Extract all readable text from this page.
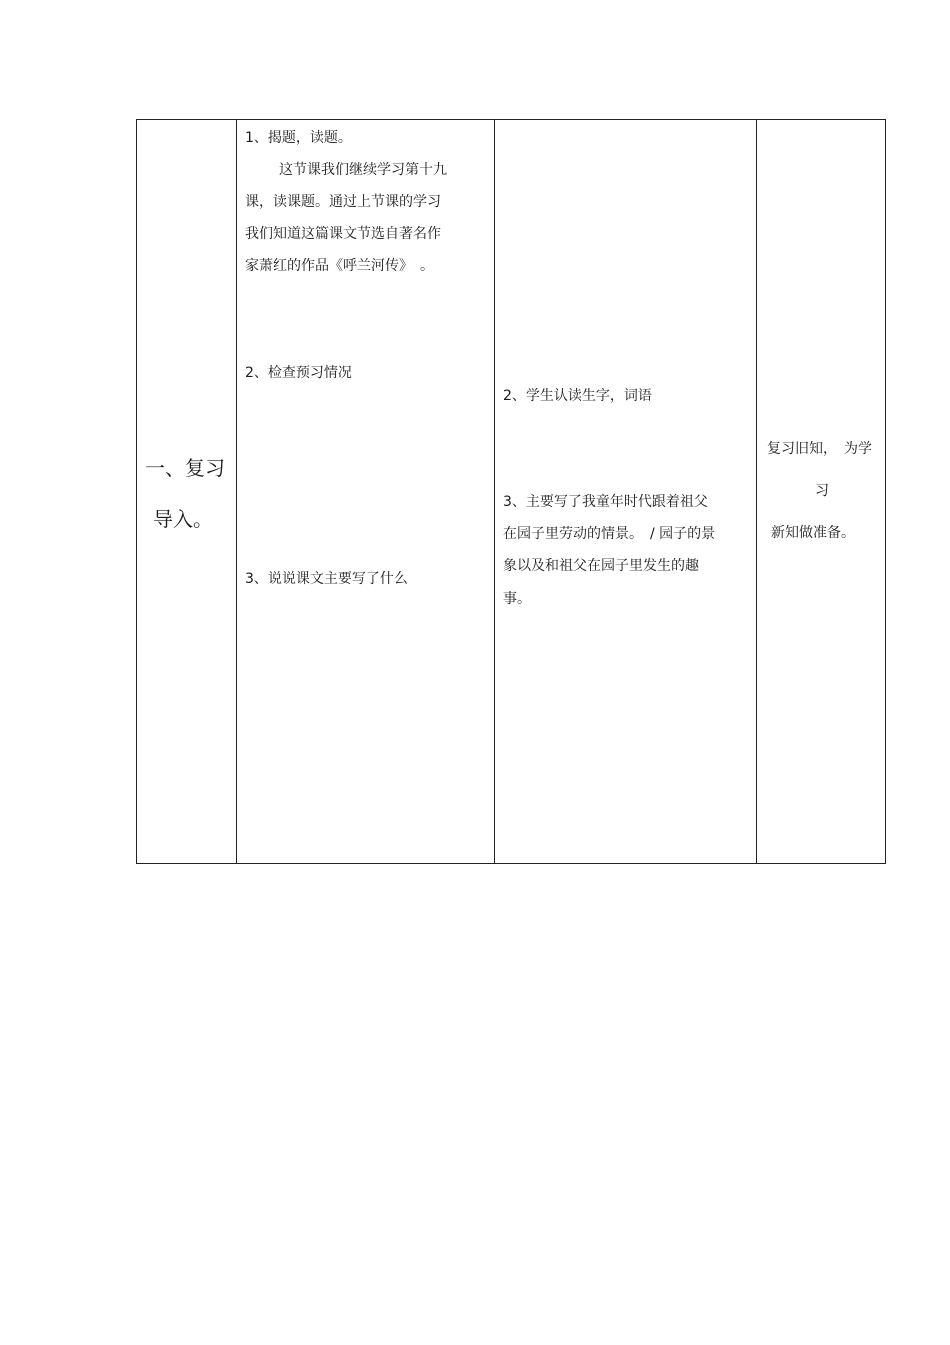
一、复习
导入。
1、揭题，读题。
这节课我们继续学习第十九
课，读课题。通过上节课的学习
我们知道这篇课文节选自著名作
家萧红的作品《呼兰河传》　。
2、检查预习情况
3、说说课文主要写了什么
2、学生认读生字，词语
3、主要写了我童年时代跟着祖父
在园子里劳动的情景。　/ 园子的景
象以及和祖父在园子里发生的趣
事。
复习旧知，　为学
习
新知做准备。
